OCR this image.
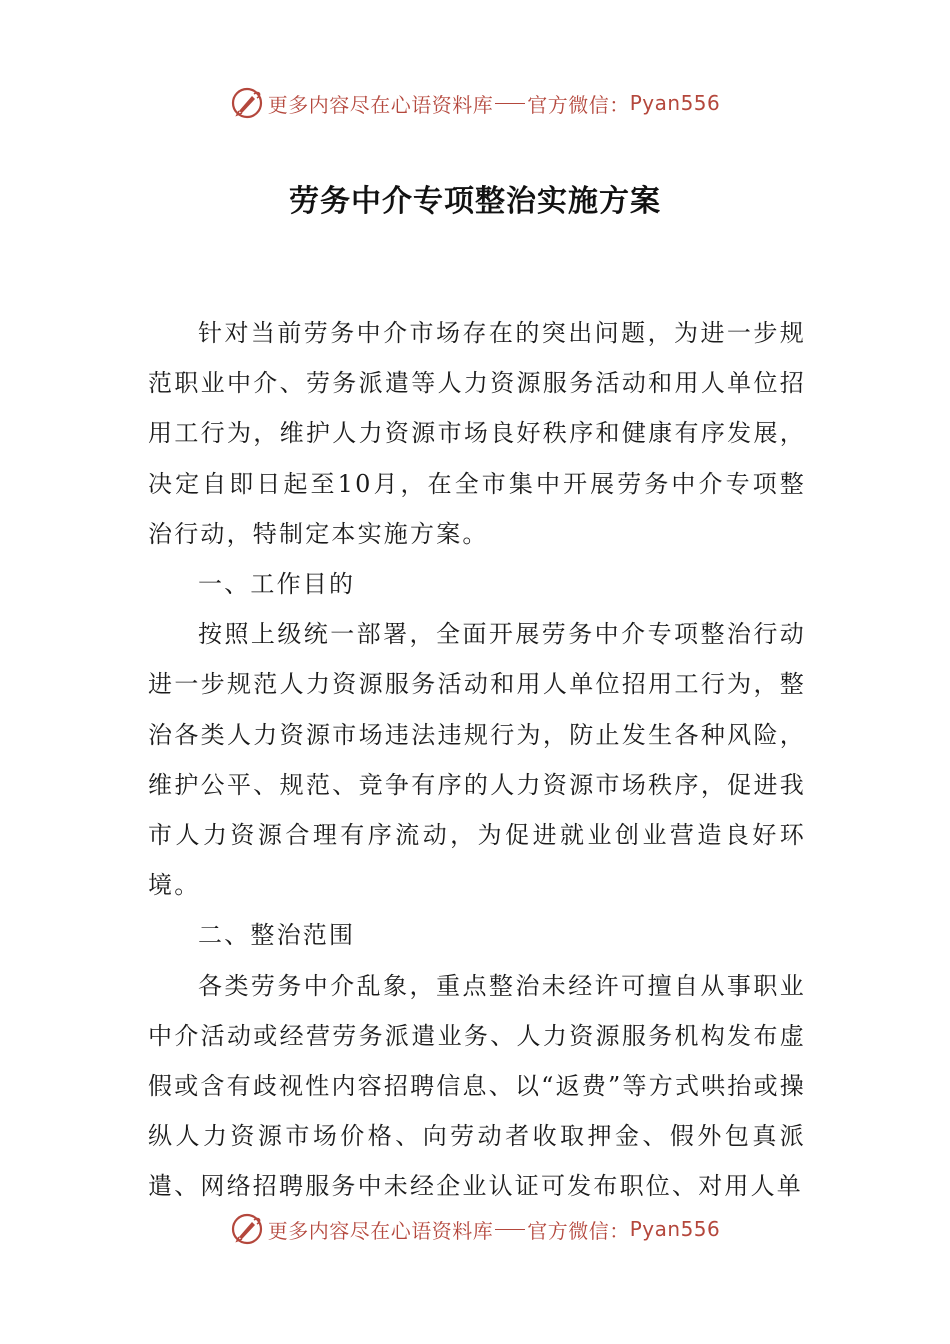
更多内容尽在心语资料库 官方微信： Pyan556
劳务中介专项整治实施方案

针对当前劳务中介市场存在的突出问题，为进一步规范职业中介、劳务派遣等人力资源服务活动和用人单位招用工行为，维护人力资源市场良好秩序和健康有序发展，决定自即日起至10月，在全市集中开展劳务中介专项整治行动，特制定本实施方案。

一、工作目的

按照上级统一部署，全面开展劳务中介专项整治行动进一步规范人力资源服务活动和用人单位招用工行为，整治各类人力资源市场违法违规行为，防止发生各种风险，维护公平、规范、竞争有序的人力资源市场秩序，促进我市人力资源合理有序流动，为促进就业创业营造良好环境。

二、整治范围

各类劳务中介乱象，重点整治未经许可擅自从事职业中介活动或经营劳务派遣业务、人力资源服务机构发布虚假或含有歧视性内容招聘信息、以“返费”等方式哄抬或操纵人力资源市场价格、向劳动者收取押金、假外包真派遣、网络招聘服务中未经企业认证可发布职位、对用人单

更多内容尽在心语资料库 官方微信： Pyan556
